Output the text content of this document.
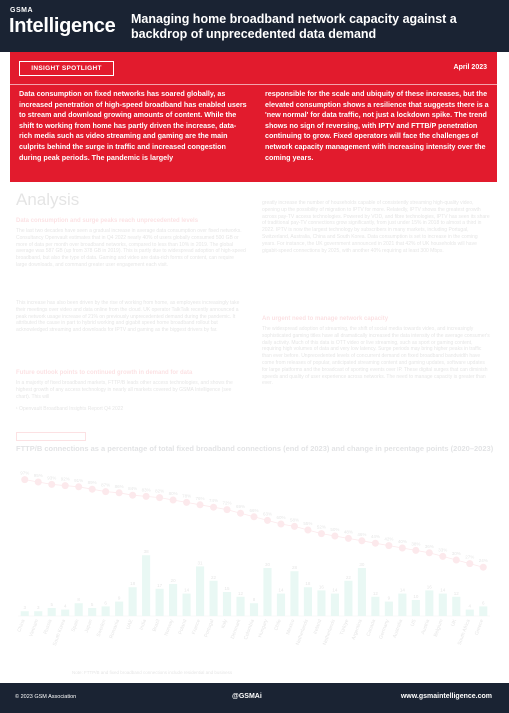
GSMA
Intelligence Managing home broadband network capacity against a backdrop of unprecedented data demand
INSIGHT SPOTLIGHT	April 2023
Data consumption on fixed networks has soared globally, as increased penetration of high-speed broadband has enabled users to stream and download growing amounts of content. While the shift to working from home has partly driven the increase, data-rich media such as video streaming and gaming are the main culprits behind the surge in traffic and increased congestion during peak periods. The pandemic is largely
responsible for the scale and ubiquity of these increases, but the elevated consumption shows a resilience that suggests there is a 'new normal' for data traffic, not just a lockdown spike. The trend shows no sign of reversing, with IPTV and FTTB/P penetration continuing to grow. Fixed operators will face the challenges of network capacity management with increasing intensity over the coming years.
Analysis
Data consumption and surge peaks reach unprecedented levels
The last two decades have seen a gradual increase in average data consumption over fixed networks. Consultancy Openvault estimates that in Q4 2022 nearly 40% of users globally consumed 500 GB or more of data per month over broadband networks, compared to less than 10% in 2019. The global average was 587 GB (up from 378 GB in 2019). This is partly due to widespread adoption of high-speed broadband, but also the type of data. Gaming and video are data-rich forms of content, can require large downloads, and command greater user engagement each visit.
This increase has also been driven by the rise of working from home, as employees increasingly take their meetings over video and data online from the cloud. UK operator TalkTalk recently announced a peak network usage increase of 21% on previously unprecedented demand during the pandemic. It attributed the cause in part to hybrid working and gigabit speed home broadband rollout but acknowledged streaming and downloads for IPTV and gaming as the biggest drivers by far.
Future outlook points to continued growth in demand for data
In a majority of fixed broadband markets, FTTP/B leads other access technologies, and shows the highest growth of any access technology in nearly all markets covered by GSMA Intelligence (see chart). This will
¹ Openvault Broadband Insights Report Q4 2022
greatly increase the number of households capable of consistently streaming high-quality video, opening up the possibility of migration to IPTV for more. Relatedly, IPTV shows the greatest growth across pay-TV access technologies. Powered by VOD, and fibre technologies, IPTV has seen its share of traditional pay-TV connections grow significantly, from just under 15% in 2018 to almost a third in 2022. IPTV is now the largest technology by subscribers in many markets, including Portugal, Switzerland, Australia, China and South Korea. Data consumption is set to increase in the coming years. For instance, the UK government announced in 2021 that 42% of UK households will have gigabit-speed connections by 2025, with another 40% requiring at least 300 Mbps.
An urgent need to manage network capacity
The widespread adoption of streaming, the shift of social media towards video, and increasingly sophisticated gaming titles have all dramatically increased the data intensity of the average consumer's daily activity. Much of this data is OTT video or live streaming, such as sport or gaming content, requiring high volumes of data and very low latency. Surge periods may bring higher peaks in traffic than ever before. Unprecedented levels of concurrent demand on fixed broadband bandwidth have come from releases of popular, anticipated streaming content and gaming updates, software updates for large platforms and the broadcast of sporting events over IP. These digital surges that can diminish speeds and quality of user experience across networks. The need to manage capacity is greater than ever.
FTTP/B connections as a percentage of total fixed broadband connections (end of 2023) and change in percentage points (2020–2023)
3 3
5 4
8
5 6
9
18
38
17
20
14
31
22
15
12
8
30
14
28
18
16
14
22
30
12
9
14
10
16
14
12
4
6
97% 95% 93% 92% 91% 89% 87% 86% 84% 83% 82% 80% 78% 76% 74% 72%
69%
66%
63%
60% 58%
55%
52% 50% 48% 46% 44% 42% 40% 38% 36%
33%
30%
27%
24%
China Vietnam Russia
South Korea Spain Japan Sweden Romania UAE India Brazil Norway Poland France Portugal Italy Denmark Colombia Hungary Chile Mexico
Netherlands Ireland
Netherlands Türkiye Argentina Canada Germany Australia US Austria Belgium UK
South Africa Greece
Note: FTTP/B and fixed broadband connections include residential and business
© 2023 GSM Association	@GSMAi	www.gsmaintelligence.com
